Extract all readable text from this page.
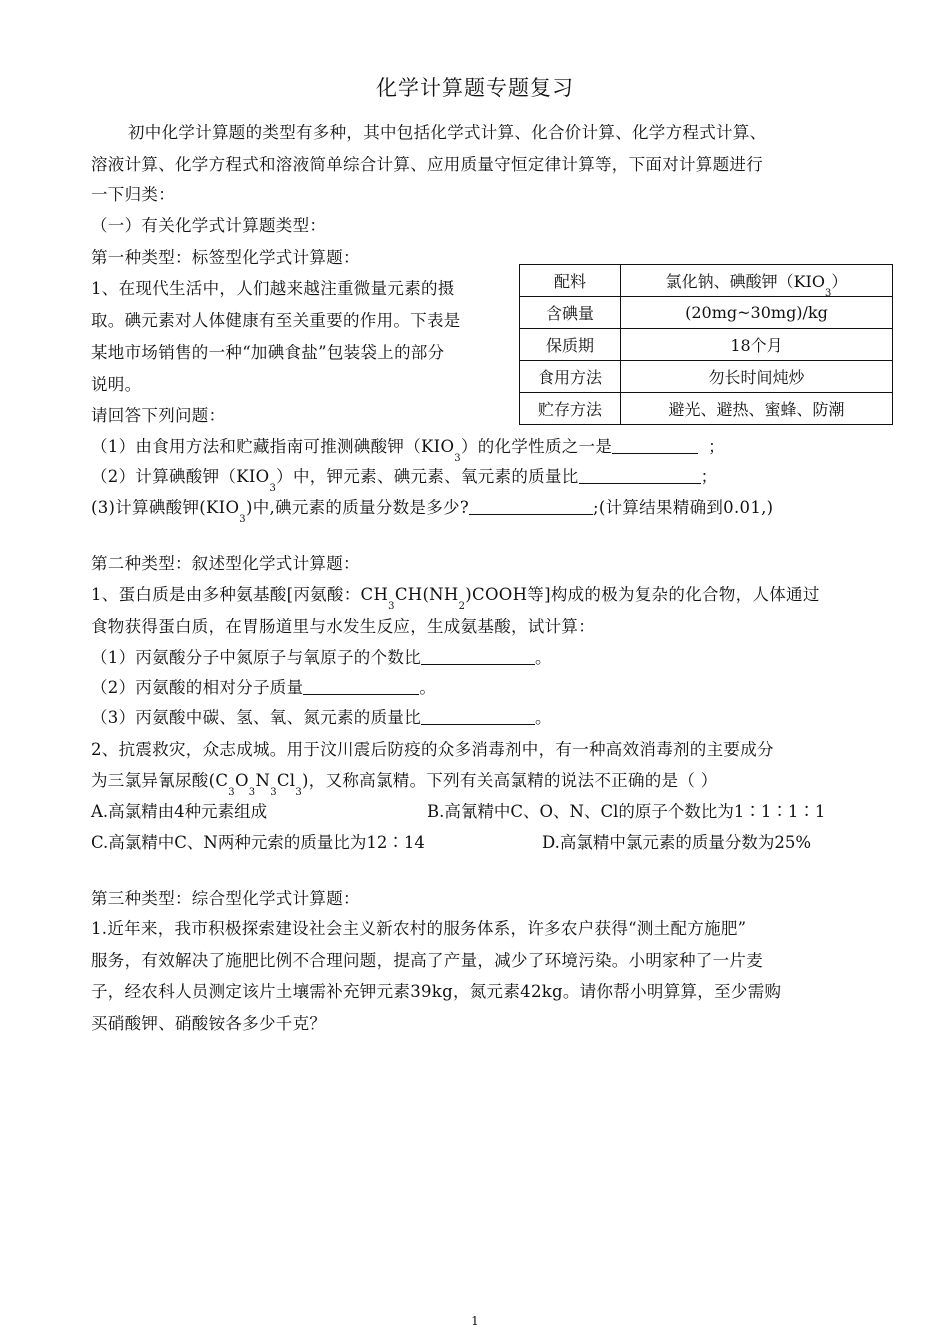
化学计算题专题复习
初中化学计算题的类型有多种，其中包括化学式计算、化合价计算、化学方程式计算、
溶液计算、化学方程式和溶液简单综合计算、应用质量守恒定律计算等，下面对计算题进行
一下归类：
（一）有关化学式计算题类型：
第一种类型：标签型化学式计算题：
1、在现代生活中，人们越来越注重微量元素的摄
取。碘元素对人体健康有至关重要的作用。下表是
某地市场销售的一种“加碘食盐”包装袋上的部分
说明。
请回答下列问题：
配料	氯化钠、碘酸钾$(KIO_3)$
含碘量	(20mg~30mg)/kg
保质期	18个月
食用方法	勿长时间炖炒
贮存方法	避光、避热、蜜蜂、防潮
（1）由食用方法和贮藏指南可推测碘酸钾$(KIO_3)$的化学性质之一是	；
（2）计算碘酸钾$(KIO_3)$中，钾元素、碘元素、氧元素的质量比	；
(3)计算碘酸钾$(KIO_3)$中,碘元素的质量分数是多少?	;(计算结果精确到0.01,)
第二种类型：叙述型化学式计算题：
1、蛋白质是由多种氨基酸[丙氨酸：$CH_3CH(NH_2)COOH$等]构成的极为复杂的化合物，人体通过
食物获得蛋白质，在胃肠道里与水发生反应，生成氨基酸，试计算：
（1）丙氨酸分子中氮原子与氧原子的个数比	。
（2）丙氨酸的相对分子质量	。
（3）丙氨酸中碳、氢、氧、氮元素的质量比	。
2、抗震救灾，众志成城。用于汶川震后防疫的众多消毒剂中，有一种高效消毒剂的主要成分
为三氯异氰尿酸$(C_3O_3N_3Cl_3)$，又称高氯精。下列有关高氯精的说法不正确的是（ ）
A.高氯精由4种元素组成	B.高氰精中C、O、N、Cl的原子个数比为1∶1∶1∶1
C.高氯精中C、N两种元索的质量比为12∶14	D.高氯精中氯元素的质量分数为25%
第三种类型：综合型化学式计算题：
1.近年来，我市积极探索建设社会主义新农村的服务体系，许多农户获得“测土配方施肥”
服务，有效解决了施肥比例不合理问题，提高了产量，减少了环境污染。小明家种了一片麦
子，经农科人员测定该片土壤需补充钾元素39kg，氮元素42kg。请你帮小明算算，至少需购
买硝酸钾、硝酸铵各多少千克？
1
